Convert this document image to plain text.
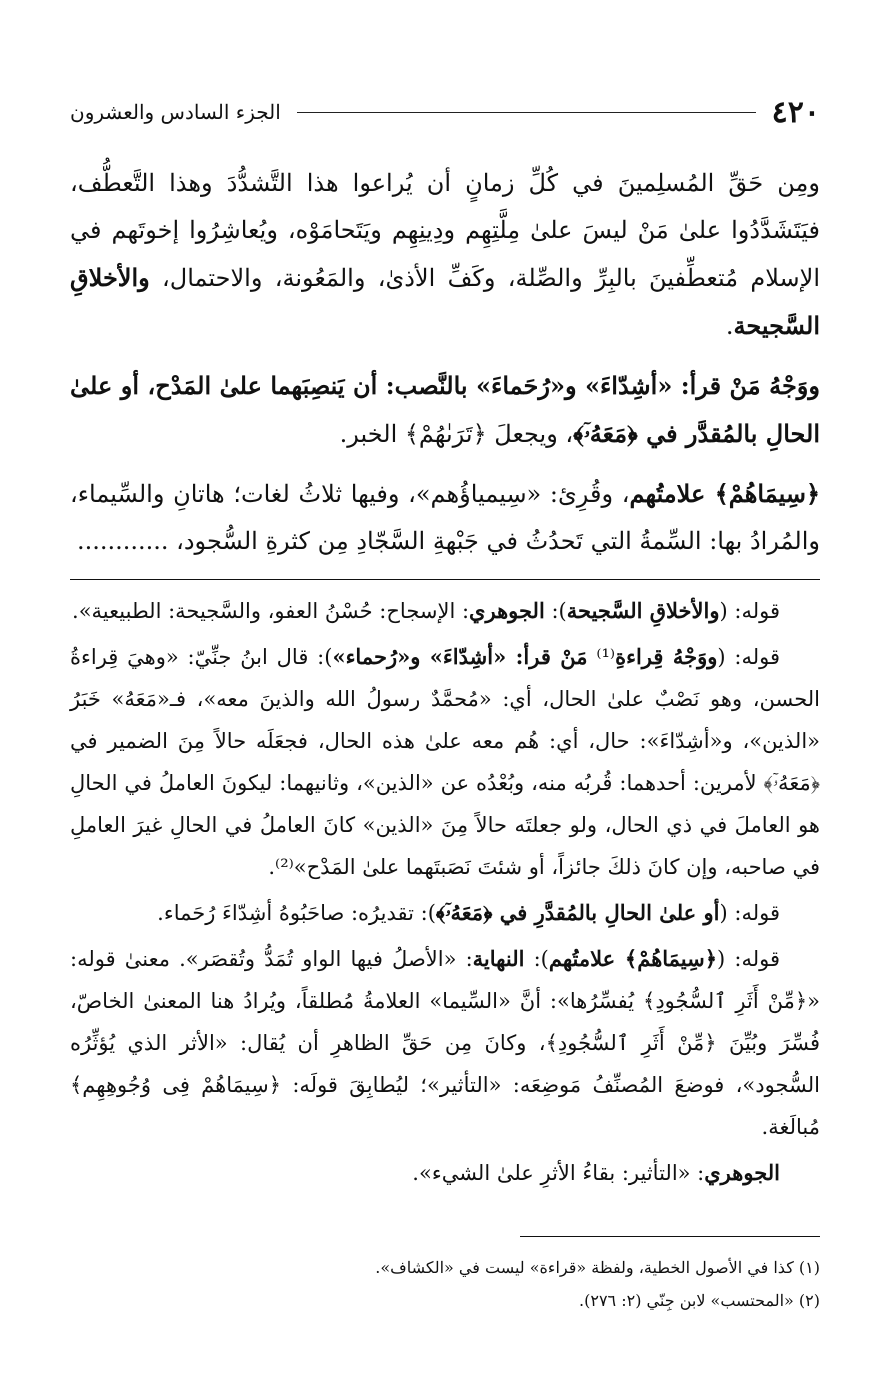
٤٢٠
الجزء السادس والعشرون

ومِن حَقِّ المُسلِمينَ في كُلِّ زمانٍ أن يُراعوا هذا التَّشدُّدَ وهذا التَّعطُّف، فيَتَشَدَّدُوا علىٰ مَنْ ليسَ علىٰ مِلَّتِهِم ودِينِهِم ويَتَحامَوْه، ويُعاشِرُوا إخوتَهم في الإسلام مُتعطِّفينَ بالبِرِّ والصِّلة، وكَفِّ الأذىٰ، والمَعُونة، والاحتمال، والأخلاقِ السَّجيحة.

ووَجْهُ مَنْ قرأ: «أشِدّاءَ» و«رُحَماءَ» بالنَّصب: أن يَنصِبَهما علىٰ المَدْح، أو علىٰ الحالِ بالمُقدَّر في ﴿مَعَهُۥٓ﴾، ويجعلَ ﴿تَرَىٰهُمْ﴾ الخبر.

﴿سِيمَاهُمْ﴾ علامتُهم، وقُرِئ: «سِيمياؤُهم»، وفيها ثلاثُ لغات؛ هاتانِ والسِّيماء، والمُرادُ بها: السِّمةُ التي تَحدُثُ في جَبْهةِ السَّجّادِ مِن كثرةِ السُّجود، ............

قوله: (والأخلاقِ السَّجيحة): الجوهري: الإسجاح: حُسْنُ العفو، والسَّجيحة: الطبيعية».

قوله: (ووَجْهُ قِراءةِ⁽¹⁾ مَنْ قرأ: «أشِدّاءَ» و«رُحماء»): قال ابنُ جنِّيّ: «وهيَ قِراءةُ الحسن، وهو نَصْبٌ علىٰ الحال، أي: «مُحمَّدٌ رسولُ الله والذينَ معه»، فـ«مَعَهُ» خَبَرُ «الذين»، و«أشِدّاءَ»: حال، أي: هُم معه علىٰ هذه الحال، فجعَلَه حالاً مِنَ الضمير في ﴿مَعَهُۥٓ﴾ لأمرين: أحدهما: قُربُه منه، وبُعْدُه عن «الذين»، وثانيهما: ليكونَ العاملُ في الحالِ هو العاملَ في ذي الحال، ولو جعلتَه حالاً مِنَ «الذين» كانَ العاملُ في الحالِ غيرَ العاملِ في صاحبه، وإن كانَ ذلكَ جائزاً، أو شئتَ نَصَبتَهما علىٰ المَدْح»⁽²⁾.

قوله: (أو علىٰ الحالِ بالمُقدَّرِ في ﴿مَعَهُۥٓ﴾): تقديرُه: صاحَبُوهُ أشِدّاءَ رُحَماء.

قوله: (﴿سِيمَاهُمْ﴾ علامتُهم): النهاية: «الأصلُ فيها الواو تُمَدُّ وتُقصَر». معنىٰ قوله: «﴿مِّنْ أَثَرِ ٱلسُّجُودِ﴾ يُفسِّرُها»: أنَّ «السِّيما» العلامةُ مُطلقاً، ويُرادُ هنا المعنىٰ الخاصّ، فُسِّرَ وبُيِّنَ ﴿مِّنْ أَثَرِ ٱلسُّجُودِ﴾، وكانَ مِن حَقِّ الظاهرِ أن يُقال: «الأثر الذي يُؤثِّرُه السُّجود»، فوضعَ المُصنِّفُ مَوضِعَه: «التأثير»؛ ليُطابِقَ قولَه: ﴿سِيمَاهُمْ فِى وُجُوهِهِم﴾ مُبالَغة.

الجوهري: «التأثير: بقاءُ الأثرِ علىٰ الشيء».

(١) كذا في الأصول الخطية، ولفظة «قراءة» ليست في «الكشاف».

(٢) «المحتسب» لابن جِنّي (٢: ٢٧٦).
